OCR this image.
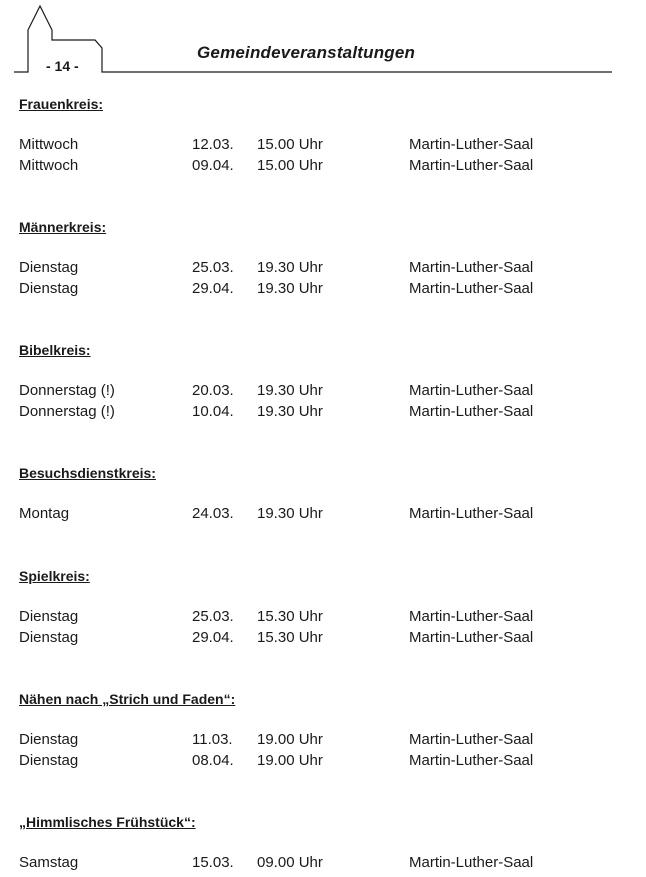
- 14 -
Gemeindeveranstaltungen
Frauenkreis:
Mittwoch	12.03. 15.00 Uhr	Martin-Luther-Saal
Mittwoch	09.04. 15.00 Uhr	Martin-Luther-Saal
Männerkreis:
Dienstag	25.03. 19.30 Uhr	Martin-Luther-Saal
Dienstag	29.04. 19.30 Uhr	Martin-Luther-Saal
Bibelkreis:
Donnerstag (!)	20.03. 19.30 Uhr	Martin-Luther-Saal
Donnerstag (!)	10.04. 19.30 Uhr	Martin-Luther-Saal
Besuchsdienstkreis:
Montag	24.03. 19.30 Uhr	Martin-Luther-Saal
Spielkreis:
Dienstag	25.03. 15.30 Uhr	Martin-Luther-Saal
Dienstag	29.04. 15.30 Uhr	Martin-Luther-Saal
Nähen nach „Strich und Faden“:
Dienstag	11.03. 19.00 Uhr	Martin-Luther-Saal
Dienstag	08.04. 19.00 Uhr	Martin-Luther-Saal
„Himmlisches Frühstück“:
Samstag	15.03. 09.00 Uhr	Martin-Luther-Saal
